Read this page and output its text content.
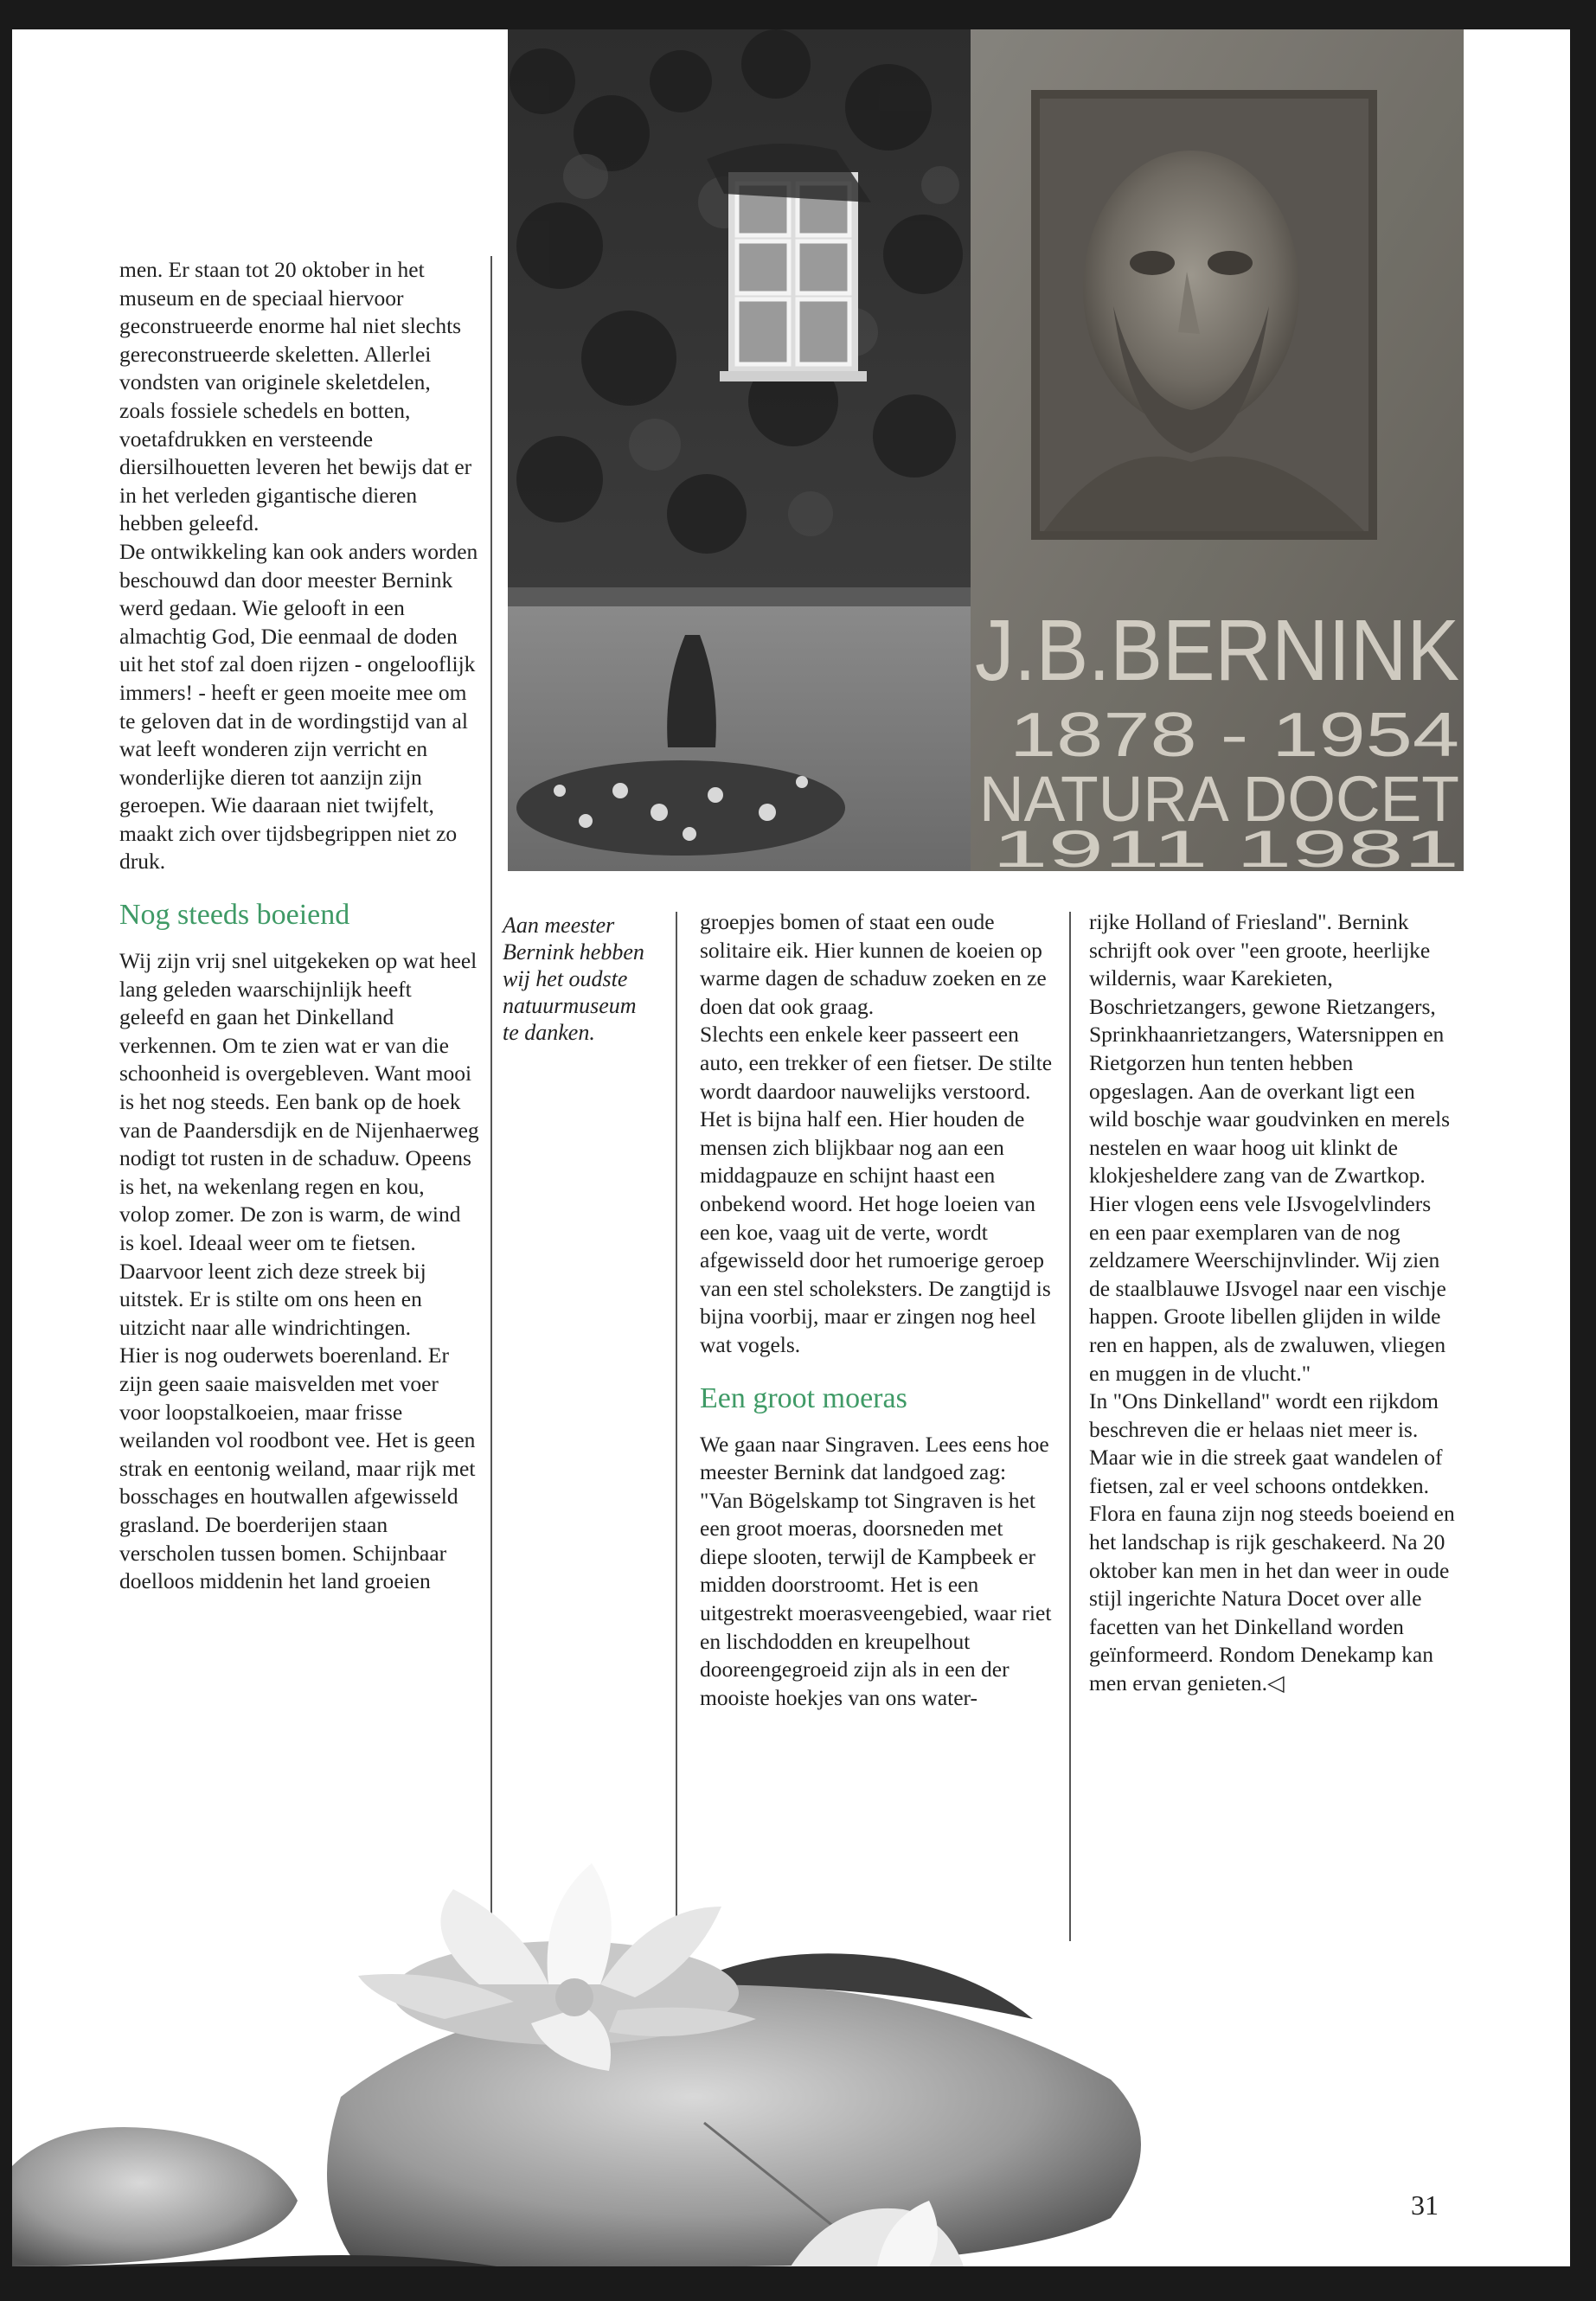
J.B.BERNINK
1878 - 1954
NATURA DOCET
1911 1981

men. Er staan tot 20 oktober in het museum en de speciaal hiervoor geconstrueerde enorme hal niet slechts gereconstrueerde skeletten. Allerlei vondsten van originele skeletdelen, zoals fossiele schedels en botten, voetafdrukken en versteende diersilhouetten leveren het bewijs dat er in het verleden gigantische dieren hebben geleefd.

De ontwikkeling kan ook anders worden beschouwd dan door meester Bernink werd gedaan. Wie gelooft in een almachtig God, Die eenmaal de doden uit het stof zal doen rijzen - ongelooflijk immers! - heeft er geen moeite mee om te geloven dat in de wordingstijd van al wat leeft wonderen zijn verricht en wonderlijke dieren tot aanzijn zijn geroepen. Wie daaraan niet twijfelt, maakt zich over tijdsbegrippen niet zo druk.

Nog steeds boeiend

Wij zijn vrij snel uitgekeken op wat heel lang geleden waarschijnlijk heeft geleefd en gaan het Dinkelland verkennen. Om te zien wat er van die schoonheid is overgebleven. Want mooi is het nog steeds. Een bank op de hoek van de Paandersdijk en de Nijenhaerweg nodigt tot rusten in de schaduw. Opeens is het, na wekenlang regen en kou, volop zomer. De zon is warm, de wind is koel. Ideaal weer om te fietsen. Daarvoor leent zich deze streek bij uitstek. Er is stilte om ons heen en uitzicht naar alle windrichtingen.

Hier is nog ouderwets boerenland. Er zijn geen saaie maisvelden met voer voor loopstalkoeien, maar frisse weilanden vol roodbont vee. Het is geen strak en eentonig weiland, maar rijk met bosschages en houtwallen afgewisseld grasland. De boerderijen staan verscholen tussen bomen. Schijnbaar doelloos middenin het land groeien

Aan meester Bernink hebben wij het oudste natuurmuseum te danken.

groepjes bomen of staat een oude solitaire eik. Hier kunnen de koeien op warme dagen de schaduw zoeken en ze doen dat ook graag.

Slechts een enkele keer passeert een auto, een trekker of een fietser. De stilte wordt daardoor nauwelijks verstoord. Het is bijna half een. Hier houden de mensen zich blijkbaar nog aan een middagpauze en schijnt haast een onbekend woord. Het hoge loeien van een koe, vaag uit de verte, wordt afgewisseld door het rumoerige geroep van een stel scholeksters. De zangtijd is bijna voorbij, maar er zingen nog heel wat vogels.

Een groot moeras

We gaan naar Singraven. Lees eens hoe meester Bernink dat landgoed zag: "Van Bögelskamp tot Singraven is het een groot moeras, doorsneden met diepe slooten, terwijl de Kampbeek er midden doorstroomt. Het is een uitgestrekt moerasveengebied, waar riet en lischdodden en kreupelhout dooreengegroeid zijn als in een der mooiste hoekjes van ons water-

rijke Holland of Friesland". Bernink schrijft ook over "een groote, heerlijke wildernis, waar Karekieten, Boschrietzangers, gewone Rietzangers, Sprinkhaanrietzangers, Watersnippen en Rietgorzen hun tenten hebben opgeslagen. Aan de overkant ligt een wild boschje waar goudvinken en merels nestelen en waar hoog uit klinkt de klokjesheldere zang van de Zwartkop. Hier vlogen eens vele IJsvogelvlinders en een paar exemplaren van de nog zeldzamere Weerschijnvlinder. Wij zien de staalblauwe IJsvogel naar een vischje happen. Groote libellen glijden in wilde ren en happen, als de zwaluwen, vliegen en muggen in de vlucht."

In "Ons Dinkelland" wordt een rijkdom beschreven die er helaas niet meer is. Maar wie in die streek gaat wandelen of fietsen, zal er veel schoons ontdekken. Flora en fauna zijn nog steeds boeiend en het landschap is rijk geschakeerd. Na 20 oktober kan men in het dan weer in oude stijl ingerichte Natura Docet over alle facetten van het Dinkelland worden geïnformeerd. Rondom Denekamp kan men ervan genieten.◁

31
